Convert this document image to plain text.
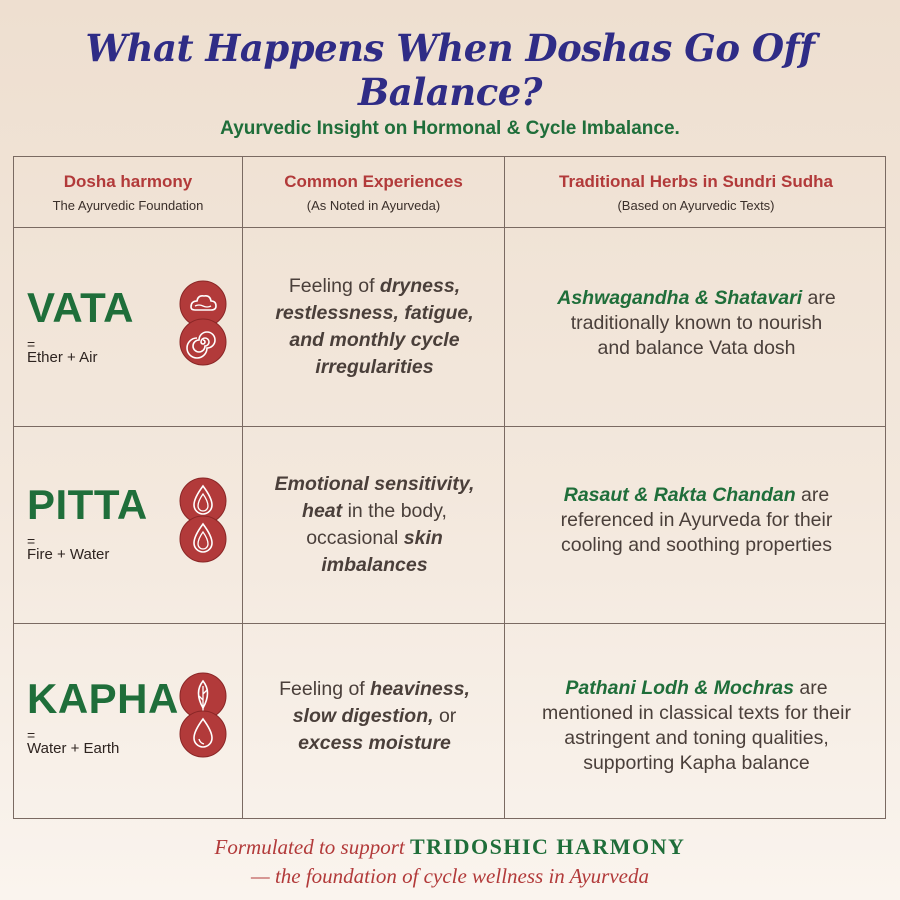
What Happens When Doshas Go Off Balance?
Ayurvedic Insight on Hormonal & Cycle Imbalance.
Dosha harmony
The Ayurvedic Foundation
Common Experiences
(As Noted in Ayurveda)
Traditional Herbs in Sundri Sudha
(Based on Ayurvedic Texts)
VATA
=
Ether + Air
Feeling of dryness,
restlessness, fatigue,
and monthly cycle
irregularities
Ashwagandha & Shatavari are
traditionally known to nourish
and balance Vata dosh
PITTA
=
Fire + Water
Emotional sensitivity,
heat in the body,
occasional skin
imbalances
Rasaut & Rakta Chandan are
referenced in Ayurveda for their
cooling and soothing properties
KAPHA
=
Water + Earth
Feeling of heaviness,
slow digestion, or
excess moisture
Pathani Lodh & Mochras are
mentioned in classical texts for their
astringent and toning qualities,
supporting Kapha balance
Formulated to support TRIDOSHIC HARMONY
— the foundation of cycle wellness in Ayurveda
